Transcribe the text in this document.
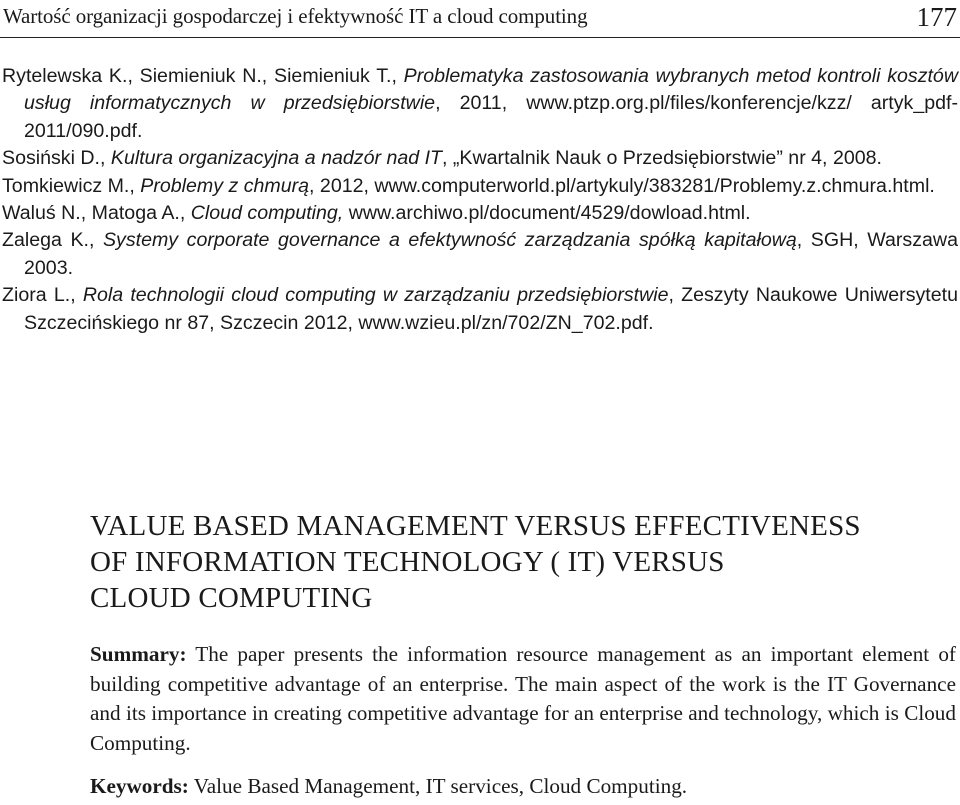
Wartość organizacji gospodarczej i efektywność IT a cloud computing	177
Rytelewska K., Siemieniuk N., Siemieniuk T., Problematyka zastosowania wybranych metod kontroli kosztów usług informatycznych w przedsiębiorstwie, 2011, www.ptzp.org.pl/files/konferencje/kzz/ artyk_pdf- 2011/090.pdf.
Sosiński D., Kultura organizacyjna a nadzór nad IT, „Kwartalnik Nauk o Przedsiębiorstwie” nr 4, 2008.
Tomkiewicz M., Problemy z chmurą, 2012, www.computerworld.pl/artykuly/383281/Problemy.z.chmura.html.
Waluś N., Matoga A., Cloud computing, www.archiwo.pl/document/4529/dowload.html.
Zalega K., Systemy corporate governance a efektywność zarządzania spółką kapitałową, SGH, Warszawa 2003.
Ziora L., Rola technologii cloud computing w zarządzaniu przedsiębiorstwie, Zeszyty Naukowe Uniwersytetu Szczecińskiego nr 87, Szczecin 2012, www.wzieu.pl/zn/702/ZN_702.pdf.
VALUE BASED MANAGEMENT VERSUS EFFECTIVENESS
OF INFORMATION TECHNOLOGY ( IT) VERSUS
CLOUD COMPUTING

Summary: The paper presents the information resource management as an important element of building competitive advantage of an enterprise. The main aspect of the work is the IT Governance and its importance in creating competitive advantage for an enterprise and technology, which is Cloud Computing.

Keywords: Value Based Management, IT services, Cloud Computing.
